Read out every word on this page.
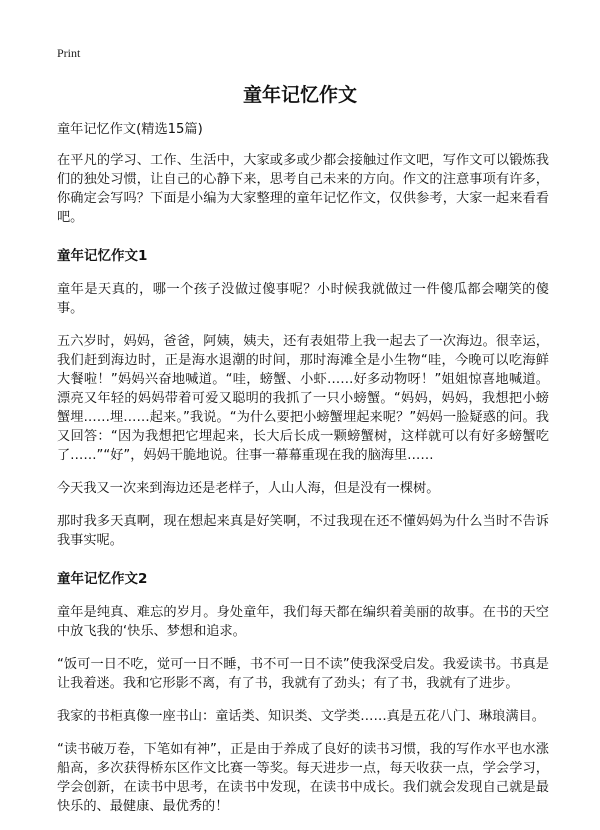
Print
童年记忆作文

童年记忆作文(精选15篇)

在平凡的学习、工作、生活中，大家或多或少都会接触过作文吧，写作文可以锻炼我们的独处习惯，让自己的心静下来，思考自己未来的方向。作文的注意事项有许多，你确定会写吗？下面是小编为大家整理的童年记忆作文，仅供参考，大家一起来看看吧。

童年记忆作文1

童年是天真的，哪一个孩子没做过傻事呢？小时候我就做过一件傻瓜都会嘲笑的傻事。

五六岁时，妈妈，爸爸，阿姨，姨夫，还有表姐带上我一起去了一次海边。很幸运，我们赶到海边时，正是海水退潮的时间，那时海滩全是小生物“哇，今晚可以吃海鲜大餐啦！”妈妈兴奋地喊道。“哇，螃蟹、小虾……好多动物呀！”姐姐惊喜地喊道。漂亮又年轻的妈妈带着可爱又聪明的我抓了一只小螃蟹。“妈妈，妈妈，我想把小螃蟹埋……埋……起来。”我说。“为什么要把小螃蟹埋起来呢？”妈妈一脸疑惑的问。我又回答：“因为我想把它埋起来，长大后长成一颗螃蟹树，这样就可以有好多螃蟹吃了……”“好”，妈妈干脆地说。往事一幕幕重现在我的脑海里……

今天我又一次来到海边还是老样子，人山人海，但是没有一棵树。

那时我多天真啊，现在想起来真是好笑啊，不过我现在还不懂妈妈为什么当时不告诉我事实呢。

童年记忆作文2

童年是纯真、难忘的岁月。身处童年，我们每天都在编织着美丽的故事。在书的天空中放飞我的‘快乐、梦想和追求。

“饭可一日不吃，觉可一日不睡，书不可一日不读”使我深受启发。我爱读书。书真是让我着迷。我和它形影不离，有了书，我就有了劲头；有了书，我就有了进步。

我家的书柜真像一座书山：童话类、知识类、文学类……真是五花八门、琳琅满目。

“读书破万卷，下笔如有神”，正是由于养成了良好的读书习惯，我的写作水平也水涨船高，多次获得桥东区作文比赛一等奖。每天进步一点，每天收获一点，学会学习，学会创新，在读书中思考，在读书中发现，在读书中成长。我们就会发现自己就是最快乐的、最健康、最优秀的！
